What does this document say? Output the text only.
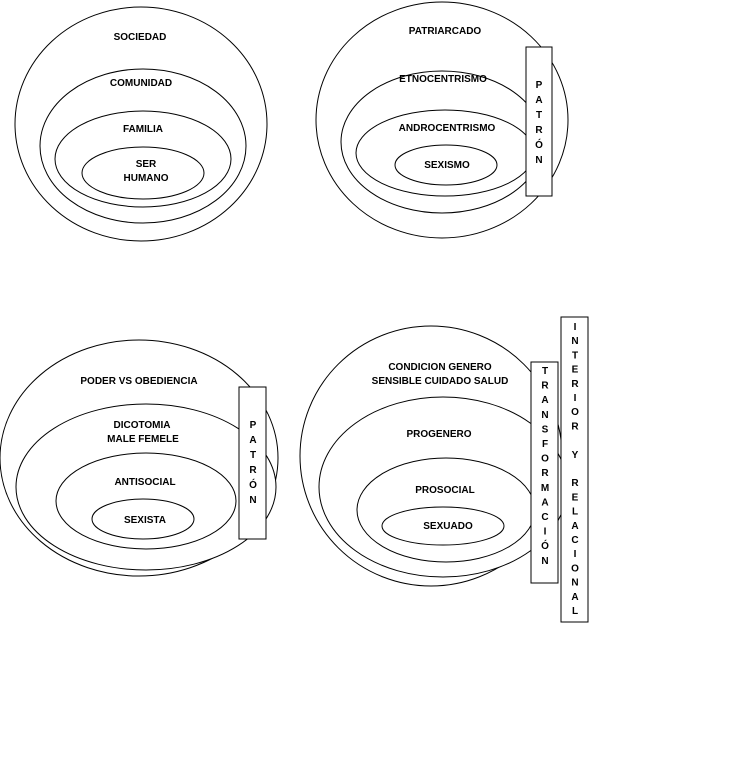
SOCIEDAD
COMUNIDAD
FAMILIA
SER
HUMANO
PATRIARCADO
ETNOCENTRISMO
ANDROCENTRISMO
SEXISMO
P A T R Ó N
PODER VS OBEDIENCIA
DICOTOMIA
MALE FEMELE
ANTISOCIAL
SEXISTA
P A T R Ó N
CONDICION GENERO
SENSIBLE CUIDADO SALUD
PROGENERO
PROSOCIAL
SEXUADO
T R A N S F O R M A C I Ó N
I N T E R I O R Y R E L A C I O N A L
